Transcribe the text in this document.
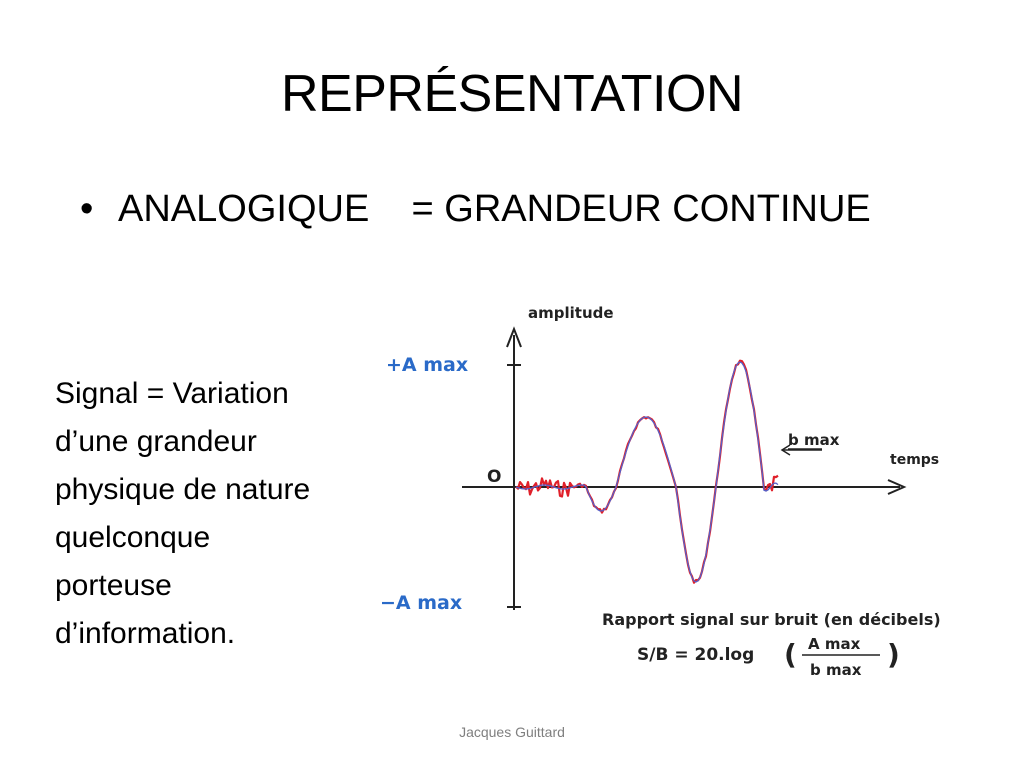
REPRÉSENTATION
• ANALOGIQUE = GRANDEUR CONTINUE
Signal = Variation
d’une grandeur
physique de nature
quelconque
porteuse
d’information.
amplitude
temps
O
+A max
−A max
b max
Rapport signal sur bruit (en décibels)
S/B = 20.log ( A max
b max )
Jacques Guittard
